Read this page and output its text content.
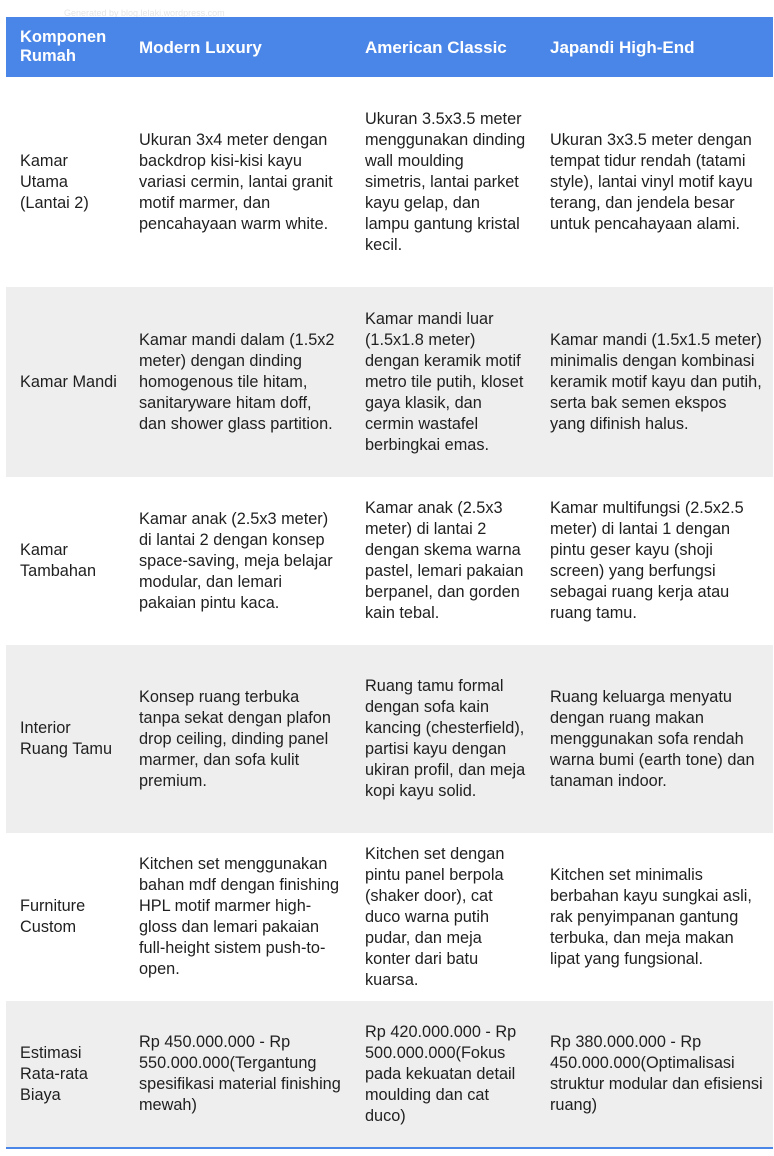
Generated by blog.lelaki.wordpress.com
Komponen Rumah	Modern Luxury	American Classic	Japandi High-End
Kamar Utama (Lantai 2)	Ukuran 3x4 meter dengan backdrop kisi-kisi kayu variasi cermin, lantai granit motif marmer, dan pencahayaan warm white.	Ukuran 3.5x3.5 meter menggunakan dinding wall moulding simetris, lantai parket kayu gelap, dan lampu gantung kristal kecil.	Ukuran 3x3.5 meter dengan tempat tidur rendah (tatami style), lantai vinyl motif kayu terang, dan jendela besar untuk pencahayaan alami.
Kamar Mandi	Kamar mandi dalam (1.5x2 meter) dengan dinding homogenous tile hitam, sanitaryware hitam doff, dan shower glass partition.	Kamar mandi luar (1.5x1.8 meter) dengan keramik motif metro tile putih, kloset gaya klasik, dan cermin wastafel berbingkai emas.	Kamar mandi (1.5x1.5 meter) minimalis dengan kombinasi keramik motif kayu dan putih, serta bak semen ekspos yang difinish halus.
Kamar Tambahan	Kamar anak (2.5x3 meter) di lantai 2 dengan konsep space-saving, meja belajar modular, dan lemari pakaian pintu kaca.	Kamar anak (2.5x3 meter) di lantai 2 dengan skema warna pastel, lemari pakaian berpanel, dan gorden kain tebal.	Kamar multifungsi (2.5x2.5 meter) di lantai 1 dengan pintu geser kayu (shoji screen) yang berfungsi sebagai ruang kerja atau ruang tamu.
Interior Ruang Tamu	Konsep ruang terbuka tanpa sekat dengan plafon drop ceiling, dinding panel marmer, dan sofa kulit premium.	Ruang tamu formal dengan sofa kain kancing (chesterfield), partisi kayu dengan ukiran profil, dan meja kopi kayu solid.	Ruang keluarga menyatu dengan ruang makan menggunakan sofa rendah warna bumi (earth tone) dan tanaman indoor.
Furniture Custom	Kitchen set menggunakan bahan mdf dengan finishing HPL motif marmer high-gloss dan lemari pakaian full-height sistem push-to-open.	Kitchen set dengan pintu panel berpola (shaker door), cat duco warna putih pudar, dan meja konter dari batu kuarsa.	Kitchen set minimalis berbahan kayu sungkai asli, rak penyimpanan gantung terbuka, dan meja makan lipat yang fungsional.
Estimasi Rata-rata Biaya	Rp 450.000.000 - Rp 550.000.000(Tergantung spesifikasi material finishing mewah)	Rp 420.000.000 - Rp 500.000.000(Fokus pada kekuatan detail moulding dan cat duco)	Rp 380.000.000 - Rp 450.000.000(Optimalisasi struktur modular dan efisiensi ruang)
